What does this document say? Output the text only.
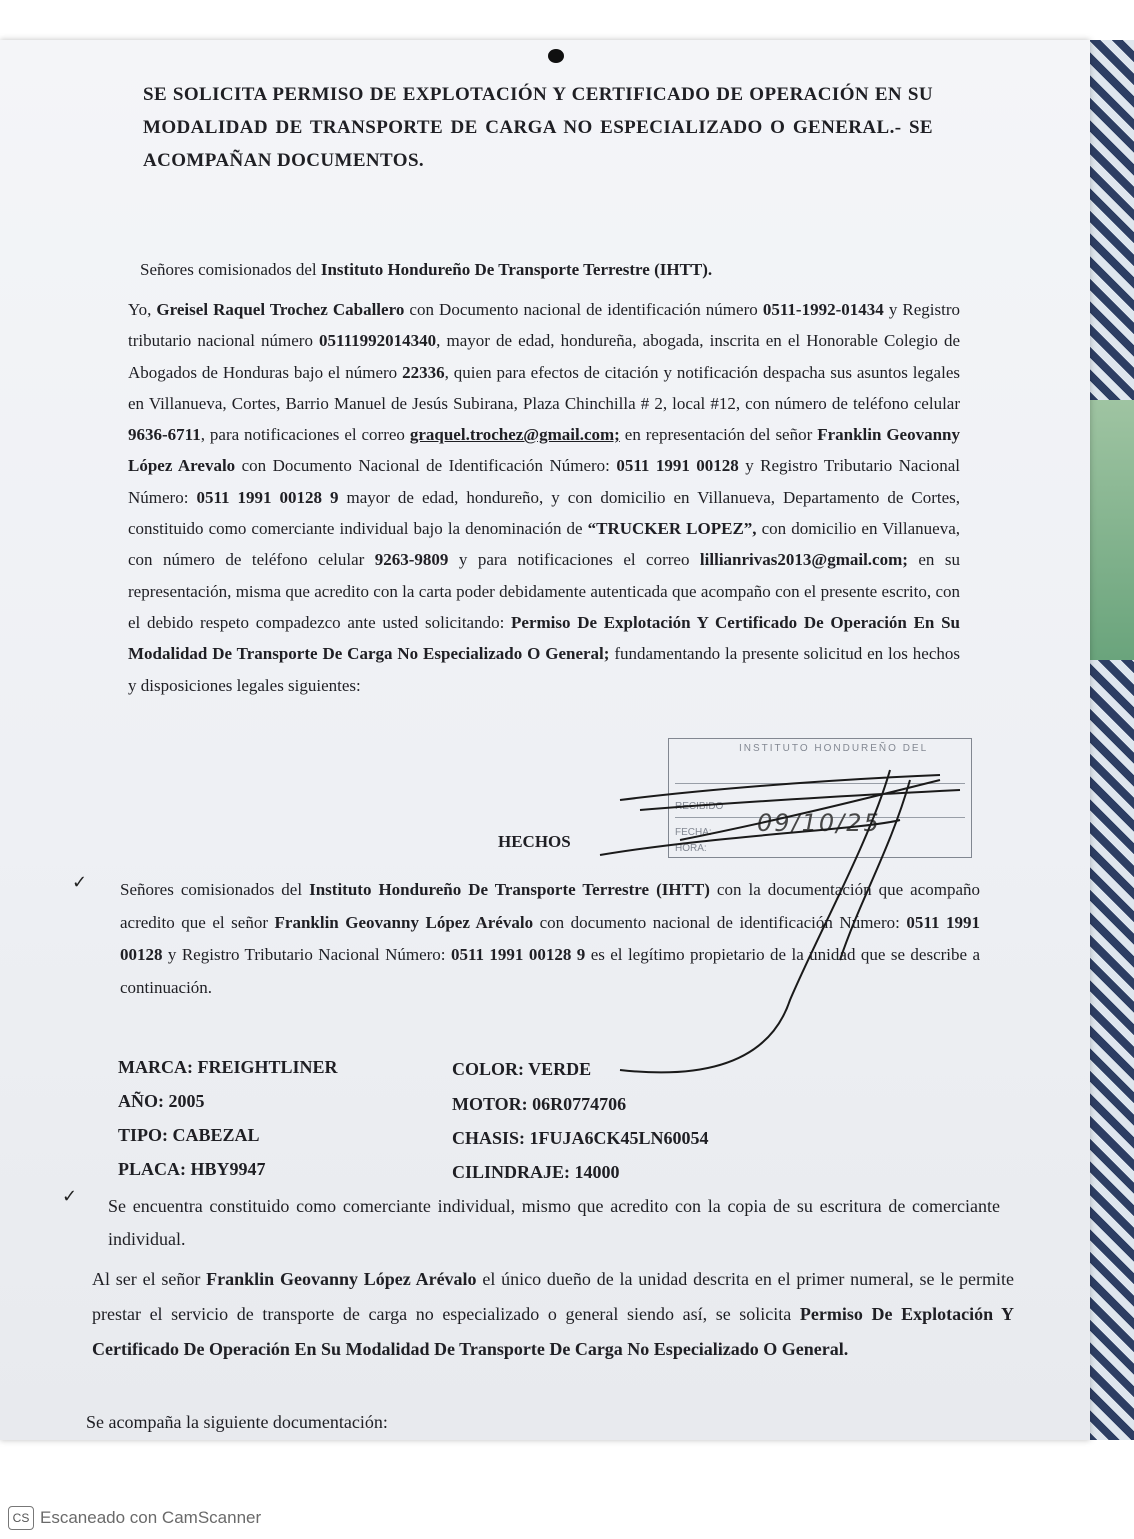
SE SOLICITA PERMISO DE EXPLOTACIÓN Y CERTIFICADO DE OPERACIÓN EN SU MODALIDAD DE TRANSPORTE DE CARGA NO ESPECIALIZADO O GENERAL.- SE ACOMPAÑAN DOCUMENTOS.
Señores comisionados del Instituto Hondureño De Transporte Terrestre (IHTT).
Yo, Greisel Raquel Trochez Caballero con Documento nacional de identificación número 0511-1992-01434 y Registro tributario nacional número 05111992014340, mayor de edad, hondureña, abogada, inscrita en el Honorable Colegio de Abogados de Honduras bajo el número 22336, quien para efectos de citación y notificación despacha sus asuntos legales en Villanueva, Cortes, Barrio Manuel de Jesús Subirana, Plaza Chinchilla # 2, local #12, con número de teléfono celular 9636-6711, para notificaciones el correo graquel.trochez@gmail.com; en representación del señor Franklin Geovanny López Arevalo con Documento Nacional de Identificación Número: 0511 1991 00128 y Registro Tributario Nacional Número: 0511 1991 00128 9 mayor de edad, hondureño, y con domicilio en Villanueva, Departamento de Cortes, constituido como comerciante individual bajo la denominación de “TRUCKER LOPEZ”, con domicilio en Villanueva, con número de teléfono celular 9263-9809 y para notificaciones el correo lillianrivas2013@gmail.com; en su representación, misma que acredito con la carta poder debidamente autenticada que acompaño con el presente escrito, con el debido respeto compadezco ante usted solicitando: Permiso De Explotación Y Certificado De Operación En Su Modalidad De Transporte De Carga No Especializado O General; fundamentando la presente solicitud en los hechos y disposiciones legales siguientes:
INSTITUTO HONDUREÑO DEL
RECIBIDO
FECHA:
HORA:
09/10/25
HECHOS
✓ Señores comisionados del Instituto Hondureño De Transporte Terrestre (IHTT) con la documentación que acompaño acredito que el señor Franklin Geovanny López Arévalo con documento nacional de identificación Número: 0511 1991 00128 y Registro Tributario Nacional Número: 0511 1991 00128 9 es el legítimo propietario de la unidad que se describe a continuación.
MARCA: FREIGHTLINER
AÑO: 2005
TIPO: CABEZAL
PLACA: HBY9947
COLOR: VERDE
MOTOR: 06R0774706
CHASIS: 1FUJA6CK45LN60054
CILINDRAJE: 14000
✓ Se encuentra constituido como comerciante individual, mismo que acredito con la copia de su escritura de comerciante individual.
Al ser el señor Franklin Geovanny López Arévalo el único dueño de la unidad descrita en el primer numeral, se le permite prestar el servicio de transporte de carga no especializado o general siendo así, se solicita Permiso De Explotación Y Certificado De Operación En Su Modalidad De Transporte De Carga No Especializado O General.
Se acompaña la siguiente documentación:
CS Escaneado con CamScanner
